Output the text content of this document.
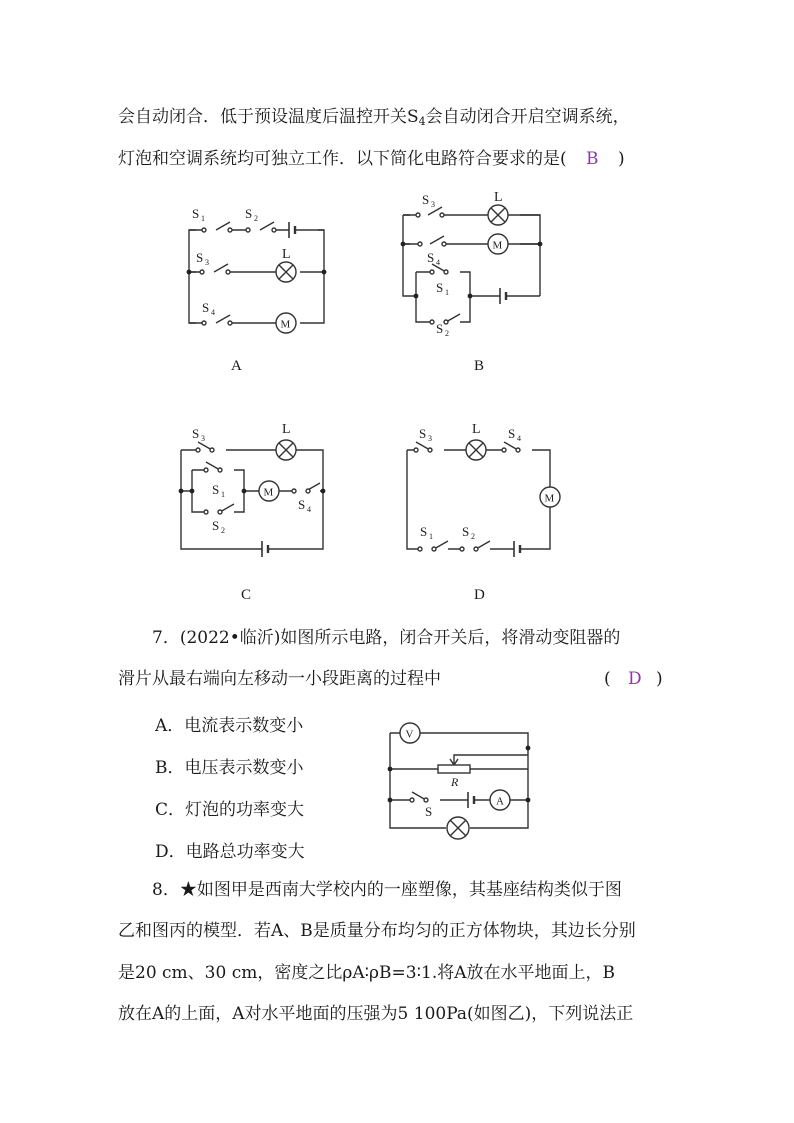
会自动闭合．低于预设温度后温控开关$S_4$会自动闭合开启空调系统，
灯泡和空调系统均可独立工作．以下简化电路符合要求的是( B )
S 1	S 2
S 3
L
S 4
M
S 3	L
S 4
M
S 1
S 2
S 3
L
S 1
S 2
M
S 4
S 3
L S 4
M
S 1 S 2
V
A
R
S
A	B
C	D
7．(2022•临沂)如图所示电路，闭合开关后，将滑动变阻器的
滑片从最右端向左移动一小段距离的过程中	( D )
A．电流表示数变小
B．电压表示数变小
C．灯泡的功率变大
D．电路总功率变大
8．★如图甲是西南大学校内的一座塑像，其基座结构类似于图
乙和图丙的模型．若A、B是质量分布均匀的正方体物块，其边长分别
是20 cm、30 cm，密度之比ρA∶ρB=3∶1.将A放在水平地面上，B
放在A的上面，A对水平地面的压强为5 100Pa(如图乙)，下列说法正
